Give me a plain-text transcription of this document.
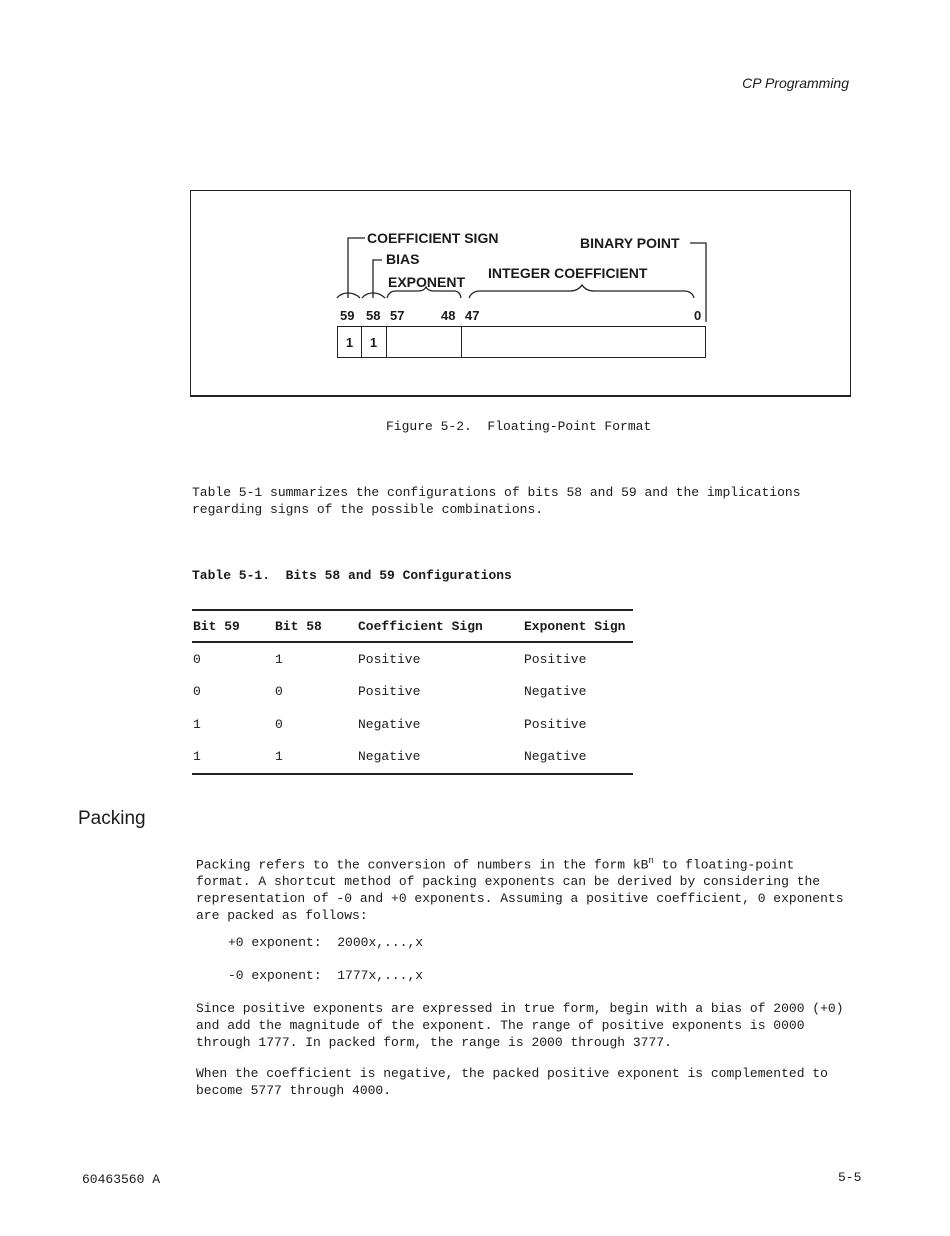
CP Programming
COEFFICIENT SIGN
BIAS
EXPONENT
INTEGER COEFFICIENT
BINARY POINT
59 58 57	48 47	0
1	1
Figure 5-2.  Floating-Point Format

Table 5-1 summarizes the configurations of bits 58 and 59 and the implications regarding signs of the possible combinations.

Table 5-1.  Bits 58 and 59 Configurations
Bit 59	Bit 58	Coefficient Sign	Exponent Sign
0	1	Positive	Positive
0	0	Positive	Negative
1	0	Negative	Positive
1	1	Negative	Negative
Packing

Packing refers to the conversion of numbers in the form $kB^n$ to floating-point format. A shortcut method of packing exponents can be derived by considering the representation of -0 and +0 exponents. Assuming a positive coefficient, 0 exponents are packed as follows:

+0 exponent: 2000x,...,x
-0 exponent: 1777x,...,x

Since positive exponents are expressed in true form, begin with a bias of 2000 (+0) and add the magnitude of the exponent. The range of positive exponents is 0000 through 1777. In packed form, the range is 2000 through 3777.

When the coefficient is negative, the packed positive exponent is complemented to become 5777 through 4000.

60463560 A	5-5
